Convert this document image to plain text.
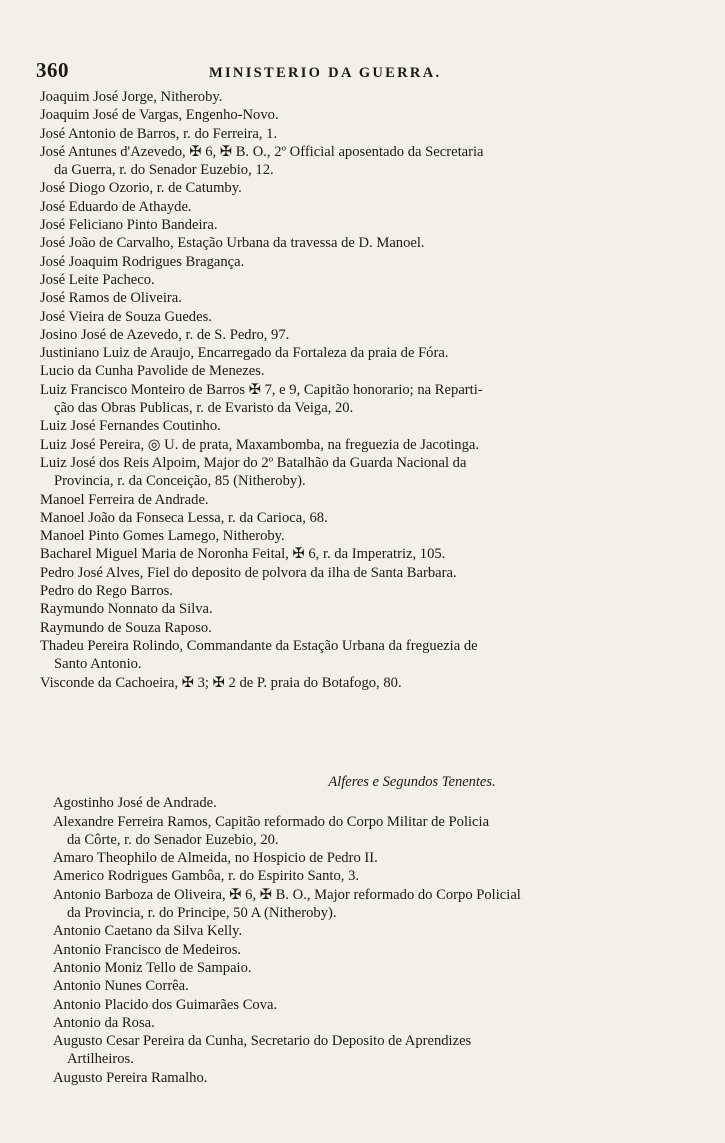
360	MINISTERIO DA GUERRA.
Joaquim José Jorge, Nitheroby.
Joaquim José de Vargas, Engenho-Novo.
José Antonio de Barros, r. do Ferreira, 1.
José Antunes d'Azevedo, ✠ 6, ✠ B. O., 2º Official aposentado da Secretaria
da Guerra, r. do Senador Euzebio, 12.
José Diogo Ozorio, r. de Catumby.
José Eduardo de Athayde.
José Feliciano Pinto Bandeira.
José João de Carvalho, Estação Urbana da travessa de D. Manoel.
José Joaquim Rodrigues Bragança.
José Leite Pacheco.
José Ramos de Oliveira.
José Vieira de Souza Guedes.
Josino José de Azevedo, r. de S. Pedro, 97.
Justiniano Luiz de Araujo, Encarregado da Fortaleza da praia de Fóra.
Lucio da Cunha Pavolide de Menezes.
Luiz Francisco Monteiro de Barros ✠ 7, e 9, Capitão honorario; na Reparti-
ção das Obras Publicas, r. de Evaristo da Veiga, 20.
Luiz José Fernandes Coutinho.
Luiz José Pereira, ◎ U. de prata, Maxambomba, na freguezia de Jacotinga.
Luiz José dos Reis Alpoim, Major do 2º Batalhão da Guarda Nacional da
Provincia, r. da Conceição, 85 (Nitheroby).
Manoel Ferreira de Andrade.
Manoel João da Fonseca Lessa, r. da Carioca, 68.
Manoel Pinto Gomes Lamego, Nitheroby.
Bacharel Miguel Maria de Noronha Feital, ✠ 6, r. da Imperatriz, 105.
Pedro José Alves, Fiel do deposito de polvora da ilha de Santa Barbara.
Pedro do Rego Barros.
Raymundo Nonnato da Silva.
Raymundo de Souza Raposo.
Thadeu Pereira Rolindo, Commandante da Estação Urbana da freguezia de
Santo Antonio.
Visconde da Cachoeira, ✠ 3; ✠ 2 de P. praia do Botafogo, 80.
Alferes e Segundos Tenentes.
Agostinho José de Andrade.
Alexandre Ferreira Ramos, Capitão reformado do Corpo Militar de Policia
da Côrte, r. do Senador Euzebio, 20.
Amaro Theophilo de Almeida, no Hospicio de Pedro II.
Americo Rodrigues Gambôa, r. do Espirito Santo, 3.
Antonio Barboza de Oliveira, ✠ 6, ✠ B. O., Major reformado do Corpo Policial
da Provincia, r. do Principe, 50 A (Nitheroby).
Antonio Caetano da Silva Kelly.
Antonio Francisco de Medeiros.
Antonio Moniz Tello de Sampaio.
Antonio Nunes Corrêa.
Antonio Placido dos Guimarães Cova.
Antonio da Rosa.
Augusto Cesar Pereira da Cunha, Secretario do Deposito de Aprendizes
Artilheiros.
Augusto Pereira Ramalho.
